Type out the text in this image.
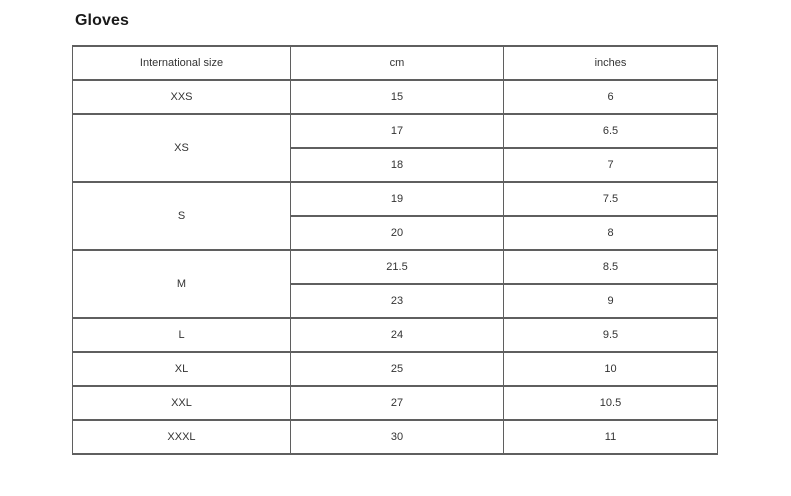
Gloves
International size	cm	inches
XXS	15	6
XS	17	6.5
	18	7
S	19	7.5
	20	8
M	21.5	8.5
	23	9
L	24	9.5
XL	25	10
XXL	27	10.5
XXXL	30	11
